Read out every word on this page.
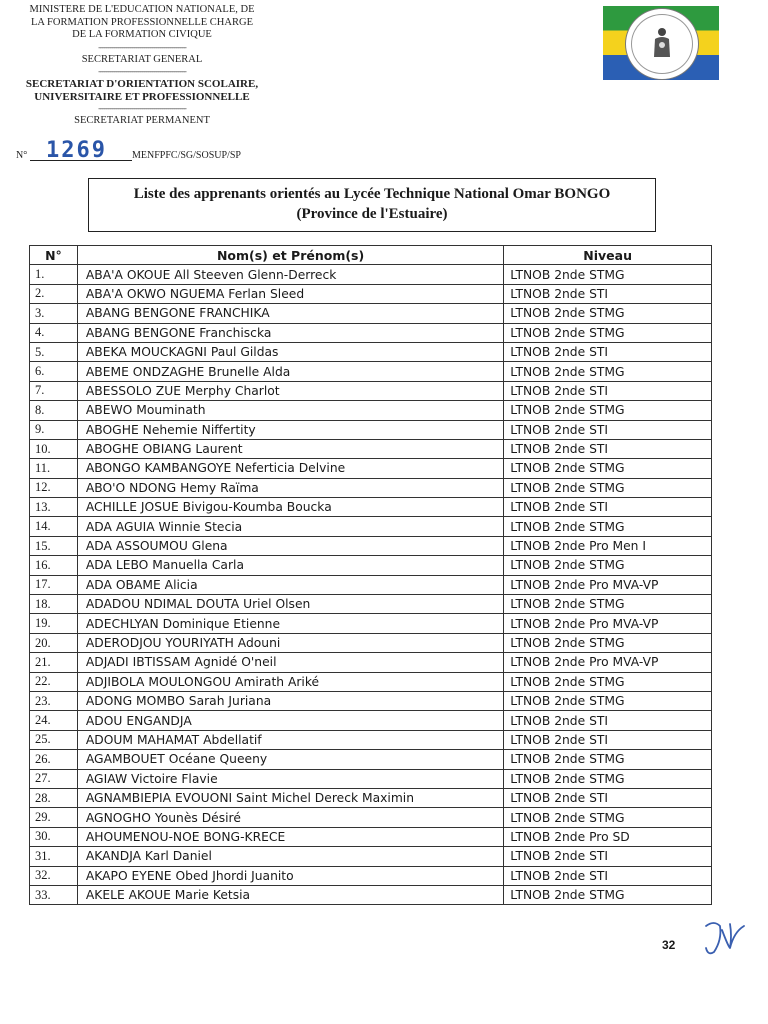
MINISTERE DE L'EDUCATION NATIONALE, DE
LA FORMATION PROFESSIONNELLE CHARGE
DE LA FORMATION CIVIQUE
--------------------------------------------
SECRETARIAT GENERAL
--------------------------------------------
SECRETARIAT D'ORIENTATION SCOLAIRE,
UNIVERSITAIRE ET PROFESSIONNELLE
--------------------------------------------
SECRETARIAT PERMANENT
N° 1269	MENFPFC/SG/SOSUP/SP
Liste des apprenants orientés au Lycée Technique National Omar BONGO
(Province de l'Estuaire)
N°	Nom(s) et Prénom(s)	Niveau
1.	ABA'A OKOUE All Steeven Glenn-Derreck	LTNOB 2nde STMG
2.	ABA'A OKWO NGUEMA Ferlan Sleed	LTNOB 2nde STI
3.	ABANG BENGONE FRANCHIKA	LTNOB 2nde STMG
4.	ABANG BENGONE Franchiscka	LTNOB 2nde STMG
5.	ABEKA MOUCKAGNI Paul Gildas	LTNOB 2nde STI
6.	ABEME ONDZAGHE Brunelle Alda	LTNOB 2nde STMG
7.	ABESSOLO ZUE Merphy Charlot	LTNOB 2nde STI
8.	ABEWO Mouminath	LTNOB 2nde STMG
9.	ABOGHE Nehemie Niffertity	LTNOB 2nde STI
10.	ABOGHE OBIANG Laurent	LTNOB 2nde STI
11.	ABONGO KAMBANGOYE Neferticia Delvine	LTNOB 2nde STMG
12.	ABO'O NDONG Hemy Raïma	LTNOB 2nde STMG
13.	ACHILLE JOSUE Bivigou-Koumba Boucka	LTNOB 2nde STI
14.	ADA AGUIA Winnie Stecia	LTNOB 2nde STMG
15.	ADA ASSOUMOU Glena	LTNOB 2nde Pro Men I
16.	ADA LEBO Manuella Carla	LTNOB 2nde STMG
17.	ADA OBAME Alicia	LTNOB 2nde Pro MVA-VP
18.	ADADOU NDIMAL DOUTA Uriel Olsen	LTNOB 2nde STMG
19.	ADECHLYAN Dominique Etienne	LTNOB 2nde Pro MVA-VP
20.	ADERODJOU YOURIYATH Adouni	LTNOB 2nde STMG
21.	ADJADI IBTISSAM Agnidé O'neil	LTNOB 2nde Pro MVA-VP
22.	ADJIBOLA MOULONGOU Amirath Ariké	LTNOB 2nde STMG
23.	ADONG MOMBO Sarah Juriana	LTNOB 2nde STMG
24.	ADOU ENGANDJA	LTNOB 2nde STI
25.	ADOUM MAHAMAT Abdellatif	LTNOB 2nde STI
26.	AGAMBOUET Océane Queeny	LTNOB 2nde STMG
27.	AGIAW Victoire Flavie	LTNOB 2nde STMG
28.	AGNAMBIEPIA EVOUONI Saint Michel Dereck Maximin	LTNOB 2nde STI
29.	AGNOGHO Younès Désiré	LTNOB 2nde STMG
30.	AHOUMENOU-NOE BONG-KRECE	LTNOB 2nde Pro SD
31.	AKANDJA Karl Daniel	LTNOB 2nde STI
32.	AKAPO EYENE Obed Jhordi Juanito	LTNOB 2nde STI
33.	AKELE AKOUE Marie Ketsia	LTNOB 2nde STMG
32
